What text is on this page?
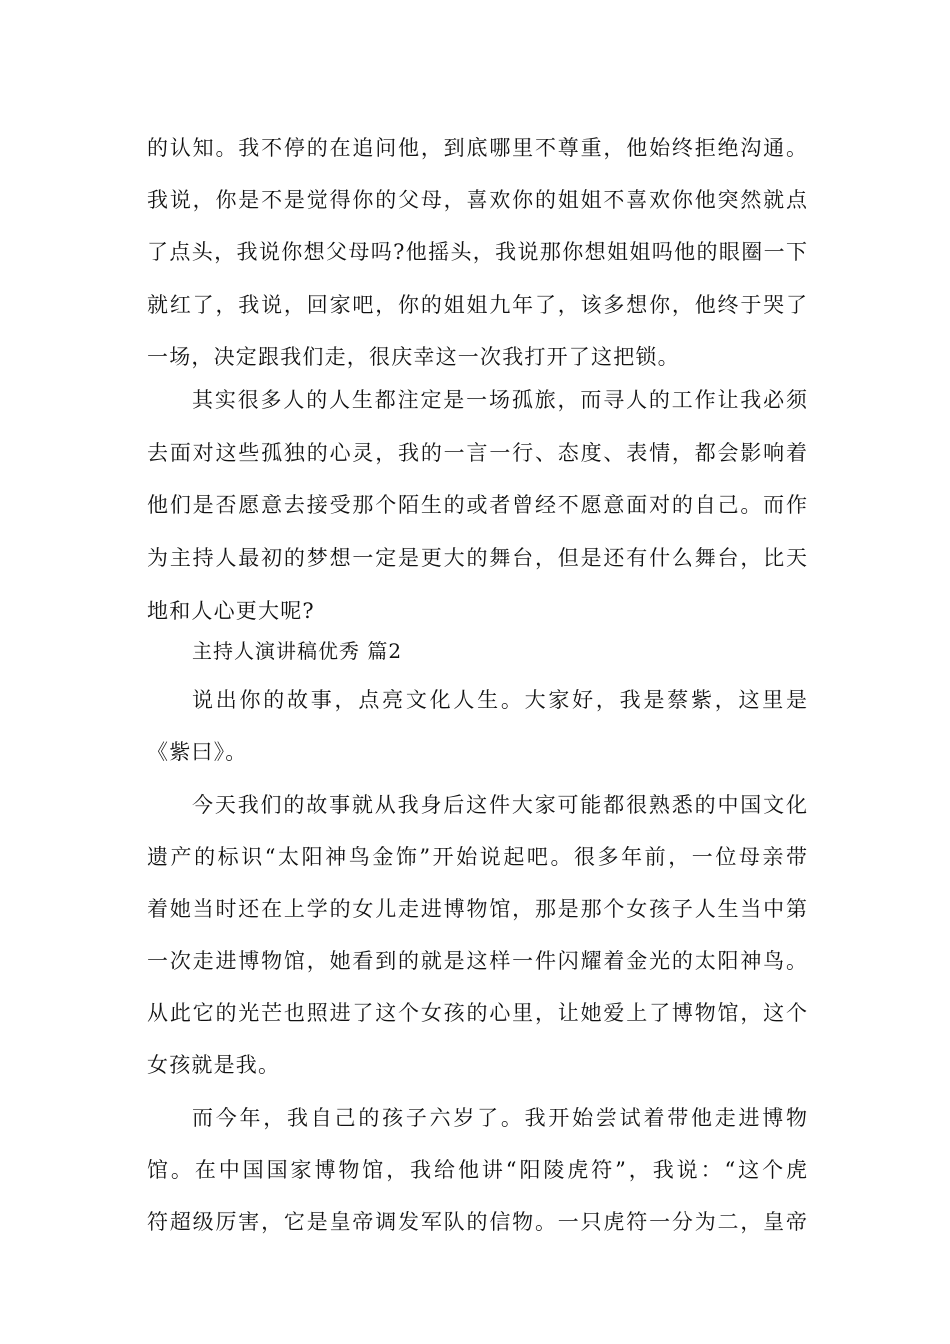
的认知。我不停的在追问他，到底哪里不尊重，他始终拒绝沟通。
我说，你是不是觉得你的父母，喜欢你的姐姐不喜欢你他突然就点
了点头，我说你想父母吗?他摇头，我说那你想姐姐吗他的眼圈一下
就红了，我说，回家吧，你的姐姐九年了，该多想你，他终于哭了
一场，决定跟我们走，很庆幸这一次我打开了这把锁。
其实很多人的人生都注定是一场孤旅，而寻人的工作让我必须
去面对这些孤独的心灵，我的一言一行、态度、表情，都会影响着
他们是否愿意去接受那个陌生的或者曾经不愿意面对的自己。而作
为主持人最初的梦想一定是更大的舞台，但是还有什么舞台，比天
地和人心更大呢?
主持人演讲稿优秀 篇2
说出你的故事，点亮文化人生。大家好，我是蔡紫，这里是
《紫曰》。
今天我们的故事就从我身后这件大家可能都很熟悉的中国文化
遗产的标识“太阳神鸟金饰”开始说起吧。很多年前，一位母亲带
着她当时还在上学的女儿走进博物馆，那是那个女孩子人生当中第
一次走进博物馆，她看到的就是这样一件闪耀着金光的太阳神鸟。
从此它的光芒也照进了这个女孩的心里，让她爱上了博物馆，这个
女孩就是我。
而今年，我自己的孩子六岁了。我开始尝试着带他走进博物
馆。在中国国家博物馆，我给他讲“阳陵虎符”，我说：“这个虎
符超级厉害，它是皇帝调发军队的信物。一只虎符一分为二，皇帝
